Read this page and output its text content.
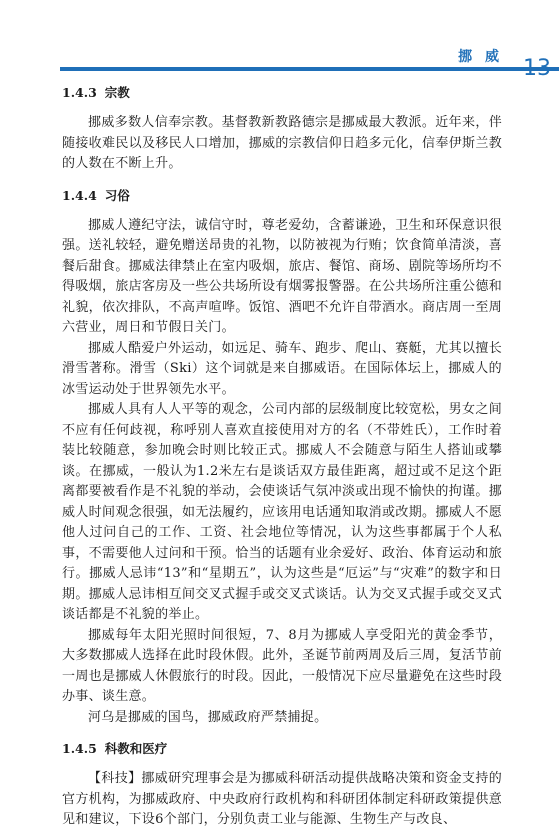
挪 威 13
1.4.3 宗教

挪威多数人信奉宗教。基督教新教路德宗是挪威最大教派。近年来，伴随接收难民以及移民人口增加，挪威的宗教信仰日趋多元化，信奉伊斯兰教的人数在不断上升。

1.4.4 习俗

挪威人遵纪守法，诚信守时，尊老爱幼，含蓄谦逊，卫生和环保意识很强。送礼较轻，避免赠送昂贵的礼物，以防被视为行贿；饮食简单清淡，喜餐后甜食。挪威法律禁止在室内吸烟，旅店、餐馆、商场、剧院等场所均不得吸烟，旅店客房及一些公共场所设有烟雾报警器。在公共场所注重公德和礼貌，依次排队，不高声喧哗。饭馆、酒吧不允许自带酒水。商店周一至周六营业，周日和节假日关门。

挪威人酷爱户外运动，如远足、骑车、跑步、爬山、赛艇，尤其以擅长滑雪著称。滑雪（Ski）这个词就是来自挪威语。在国际体坛上，挪威人的冰雪运动处于世界领先水平。

挪威人具有人人平等的观念，公司内部的层级制度比较宽松，男女之间不应有任何歧视，称呼别人喜欢直接使用对方的名（不带姓氏），工作时着装比较随意，参加晚会时则比较正式。挪威人不会随意与陌生人搭讪或攀谈。在挪威，一般认为1.2米左右是谈话双方最佳距离，超过或不足这个距离都要被看作是不礼貌的举动，会使谈话气氛冲淡或出现不愉快的拘谨。挪威人时间观念很强，如无法履约，应该用电话通知取消或改期。挪威人不愿他人过问自己的工作、工资、社会地位等情况，认为这些事都属于个人私事，不需要他人过问和干预。恰当的话题有业余爱好、政治、体育运动和旅行。挪威人忌讳“13”和“星期五”，认为这些是“厄运”与“灾难”的数字和日期。挪威人忌讳相互间交叉式握手或交叉式谈话。认为交叉式握手或交叉式谈话都是不礼貌的举止。

挪威每年太阳光照时间很短，7、8月为挪威人享受阳光的黄金季节，大多数挪威人选择在此时段休假。此外，圣诞节前两周及后三周，复活节前一周也是挪威人休假旅行的时段。因此，一般情况下应尽量避免在这些时段办事、谈生意。

河乌是挪威的国鸟，挪威政府严禁捕捉。

1.4.5 科教和医疗

【科技】挪威研究理事会是为挪威科研活动提供战略决策和资金支持的官方机构，为挪威政府、中央政府行政机构和科研团体制定科研政策提供意见和建议，下设6个部门，分别负责工业与能源、生物生产与改良、
